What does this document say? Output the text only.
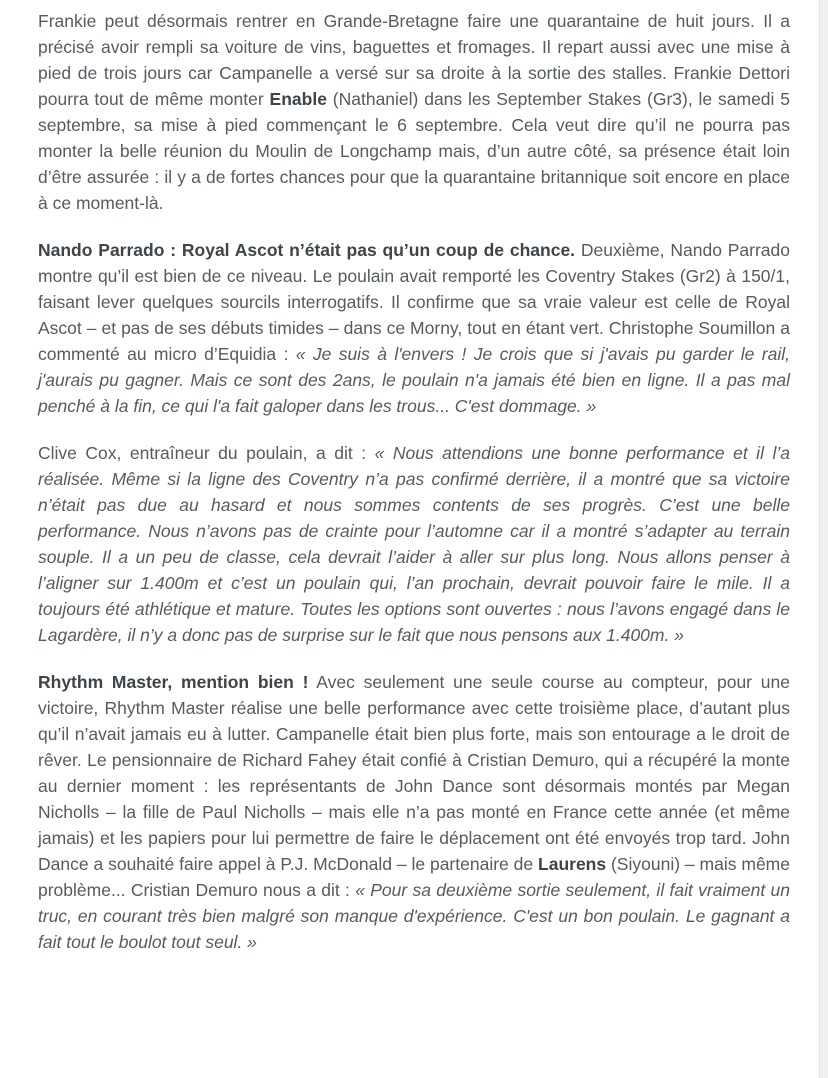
Frankie peut désormais rentrer en Grande-Bretagne faire une quarantaine de huit jours. Il a précisé avoir rempli sa voiture de vins, baguettes et fromages. Il repart aussi avec une mise à pied de trois jours car Campanelle a versé sur sa droite à la sortie des stalles. Frankie Dettori pourra tout de même monter Enable (Nathaniel) dans les September Stakes (Gr3), le samedi 5 septembre, sa mise à pied commençant le 6 septembre. Cela veut dire qu’il ne pourra pas monter la belle réunion du Moulin de Longchamp mais, d’un autre côté, sa présence était loin d’être assurée : il y a de fortes chances pour que la quarantaine britannique soit encore en place à ce moment-là.

Nando Parrado : Royal Ascot n’était pas qu’un coup de chance. Deuxième, Nando Parrado montre qu’il est bien de ce niveau. Le poulain avait remporté les Coventry Stakes (Gr2) à 150/1, faisant lever quelques sourcils interrogatifs. Il confirme que sa vraie valeur est celle de Royal Ascot – et pas de ses débuts timides – dans ce Morny, tout en étant vert. Christophe Soumillon a commenté au micro d’Equidia : « Je suis à l'envers ! Je crois que si j'avais pu garder le rail, j'aurais pu gagner. Mais ce sont des 2ans, le poulain n'a jamais été bien en ligne. Il a pas mal penché à la fin, ce qui l'a fait galoper dans les trous... C'est dommage. »

Clive Cox, entraîneur du poulain, a dit : « Nous attendions une bonne performance et il l’a réalisée. Même si la ligne des Coventry n’a pas confirmé derrière, il a montré que sa victoire n’était pas due au hasard et nous sommes contents de ses progrès. C’est une belle performance. Nous n’avons pas de crainte pour l’automne car il a montré s’adapter au terrain souple. Il a un peu de classe, cela devrait l’aider à aller sur plus long. Nous allons penser à l’aligner sur 1.400m et c’est un poulain qui, l’an prochain, devrait pouvoir faire le mile. Il a toujours été athlétique et mature. Toutes les options sont ouvertes : nous l’avons engagé dans le Lagardère, il n’y a donc pas de surprise sur le fait que nous pensons aux 1.400m. »

Rhythm Master, mention bien ! Avec seulement une seule course au compteur, pour une victoire, Rhythm Master réalise une belle performance avec cette troisième place, d’autant plus qu’il n’avait jamais eu à lutter. Campanelle était bien plus forte, mais son entourage a le droit de rêver. Le pensionnaire de Richard Fahey était confié à Cristian Demuro, qui a récupéré la monte au dernier moment : les représentants de John Dance sont désormais montés par Megan Nicholls – la fille de Paul Nicholls – mais elle n’a pas monté en France cette année (et même jamais) et les papiers pour lui permettre de faire le déplacement ont été envoyés trop tard. John Dance a souhaité faire appel à P.J. McDonald – le partenaire de Laurens (Siyouni) – mais même problème... Cristian Demuro nous a dit : « Pour sa deuxième sortie seulement, il fait vraiment un truc, en courant très bien malgré son manque d'expérience. C'est un bon poulain. Le gagnant a fait tout le boulot tout seul. »
